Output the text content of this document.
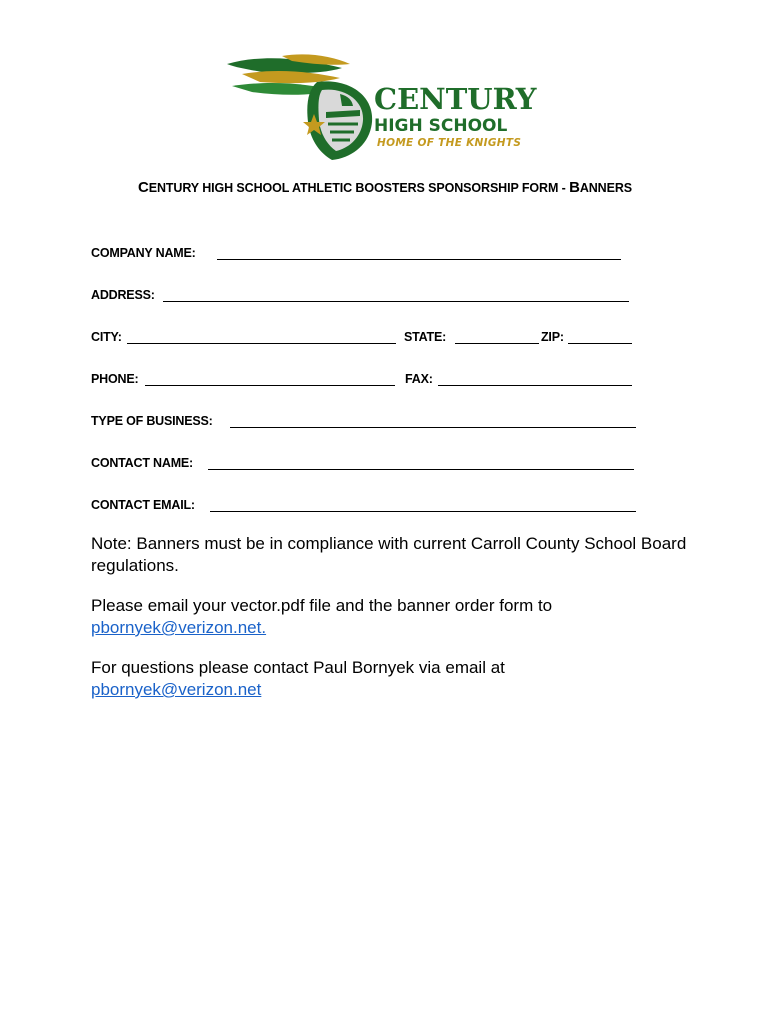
CENTURY
HIGH SCHOOL
HOME OF THE KNIGHTS
CENTURY HIGH SCHOOL ATHLETIC BOOSTERS SPONSORSHIP FORM - BANNERS
COMPANY NAME:
ADDRESS:
CITY:	STATE:	ZIP:
PHONE:	FAX:
TYPE OF BUSINESS:
CONTACT NAME:
CONTACT EMAIL:
Note: Banners must be in compliance with current Carroll County School Board regulations.
Please email your vector.pdf file and the banner order form to
pbornyek@verizon.net.
For questions please contact Paul Bornyek via email at
pbornyek@verizon.net
